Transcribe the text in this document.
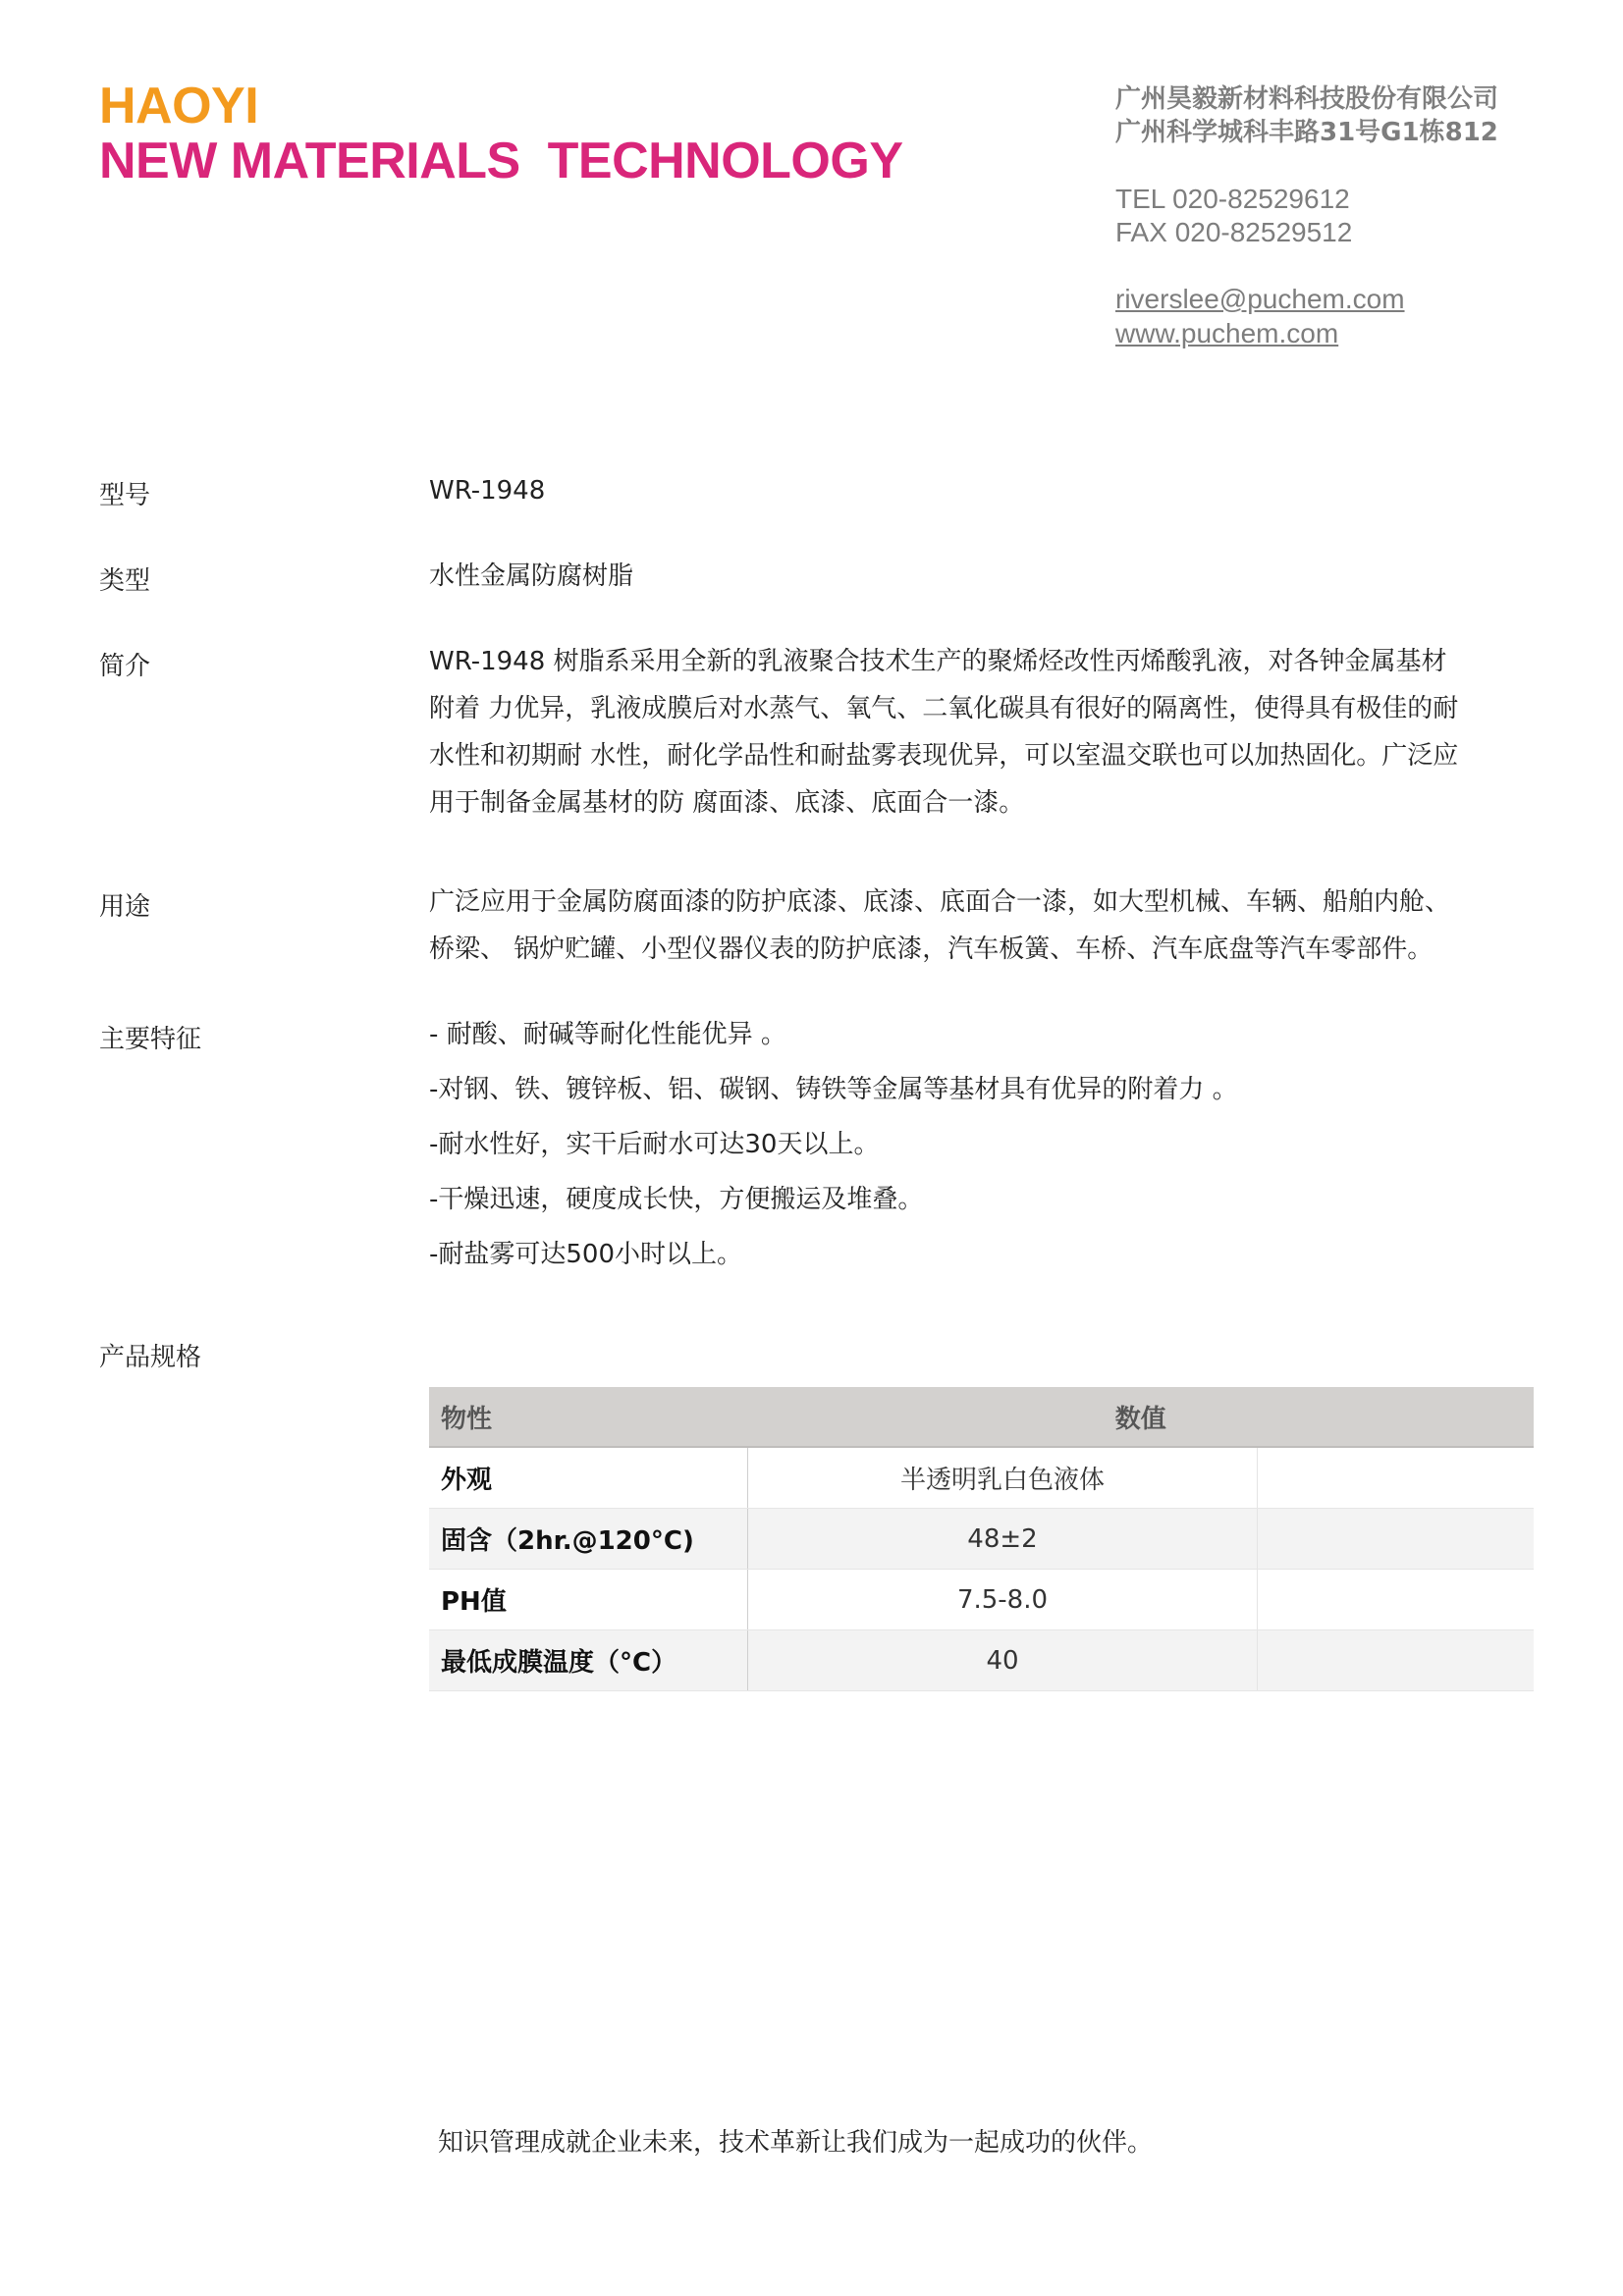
HAOYI
NEW MATERIALS  TECHNOLOGY
广州昊毅新材料科技股份有限公司
广州科学城科丰路31号G1栋812
TEL 020-82529612
FAX 020-82529512
riverslee@puchem.com
www.puchem.com
型号	WR-1948
类型	水性金属防腐树脂
简介	WR-1948 树脂系采用全新的乳液聚合技术生产的聚烯烃改性丙烯酸乳液，对各钟金属基材
附着 力优异，乳液成膜后对水蒸气、氧气、二氧化碳具有很好的隔离性，使得具有极佳的耐
水性和初期耐 水性，耐化学品性和耐盐雾表现优异，可以室温交联也可以加热固化。广泛应
用于制备金属基材的防 腐面漆、底漆、底面合一漆。
用途	广泛应用于金属防腐面漆的防护底漆、底漆、底面合一漆，如大型机械、车辆、船舶内舱、
桥梁、 锅炉贮罐、小型仪器仪表的防护底漆，汽车板簧、车桥、汽车底盘等汽车零部件。
主要特征	- 耐酸、耐碱等耐化性能优异 。
-对钢、铁、镀锌板、铝、碳钢、铸铁等金属等基材具有优异的附着力 。
-耐水性好，实干后耐水可达30天以上。
-干燥迅速，硬度成长快，方便搬运及堆叠。
-耐盐雾可达500小时以上。
产品规格
物性	数值	
外观	半透明乳白色液体	
固含（2hr.@120°C)	48±2	
PH值	7.5-8.0	
最低成膜温度（°C）	40	
知识管理成就企业未来，技术革新让我们成为一起成功的伙伴。
